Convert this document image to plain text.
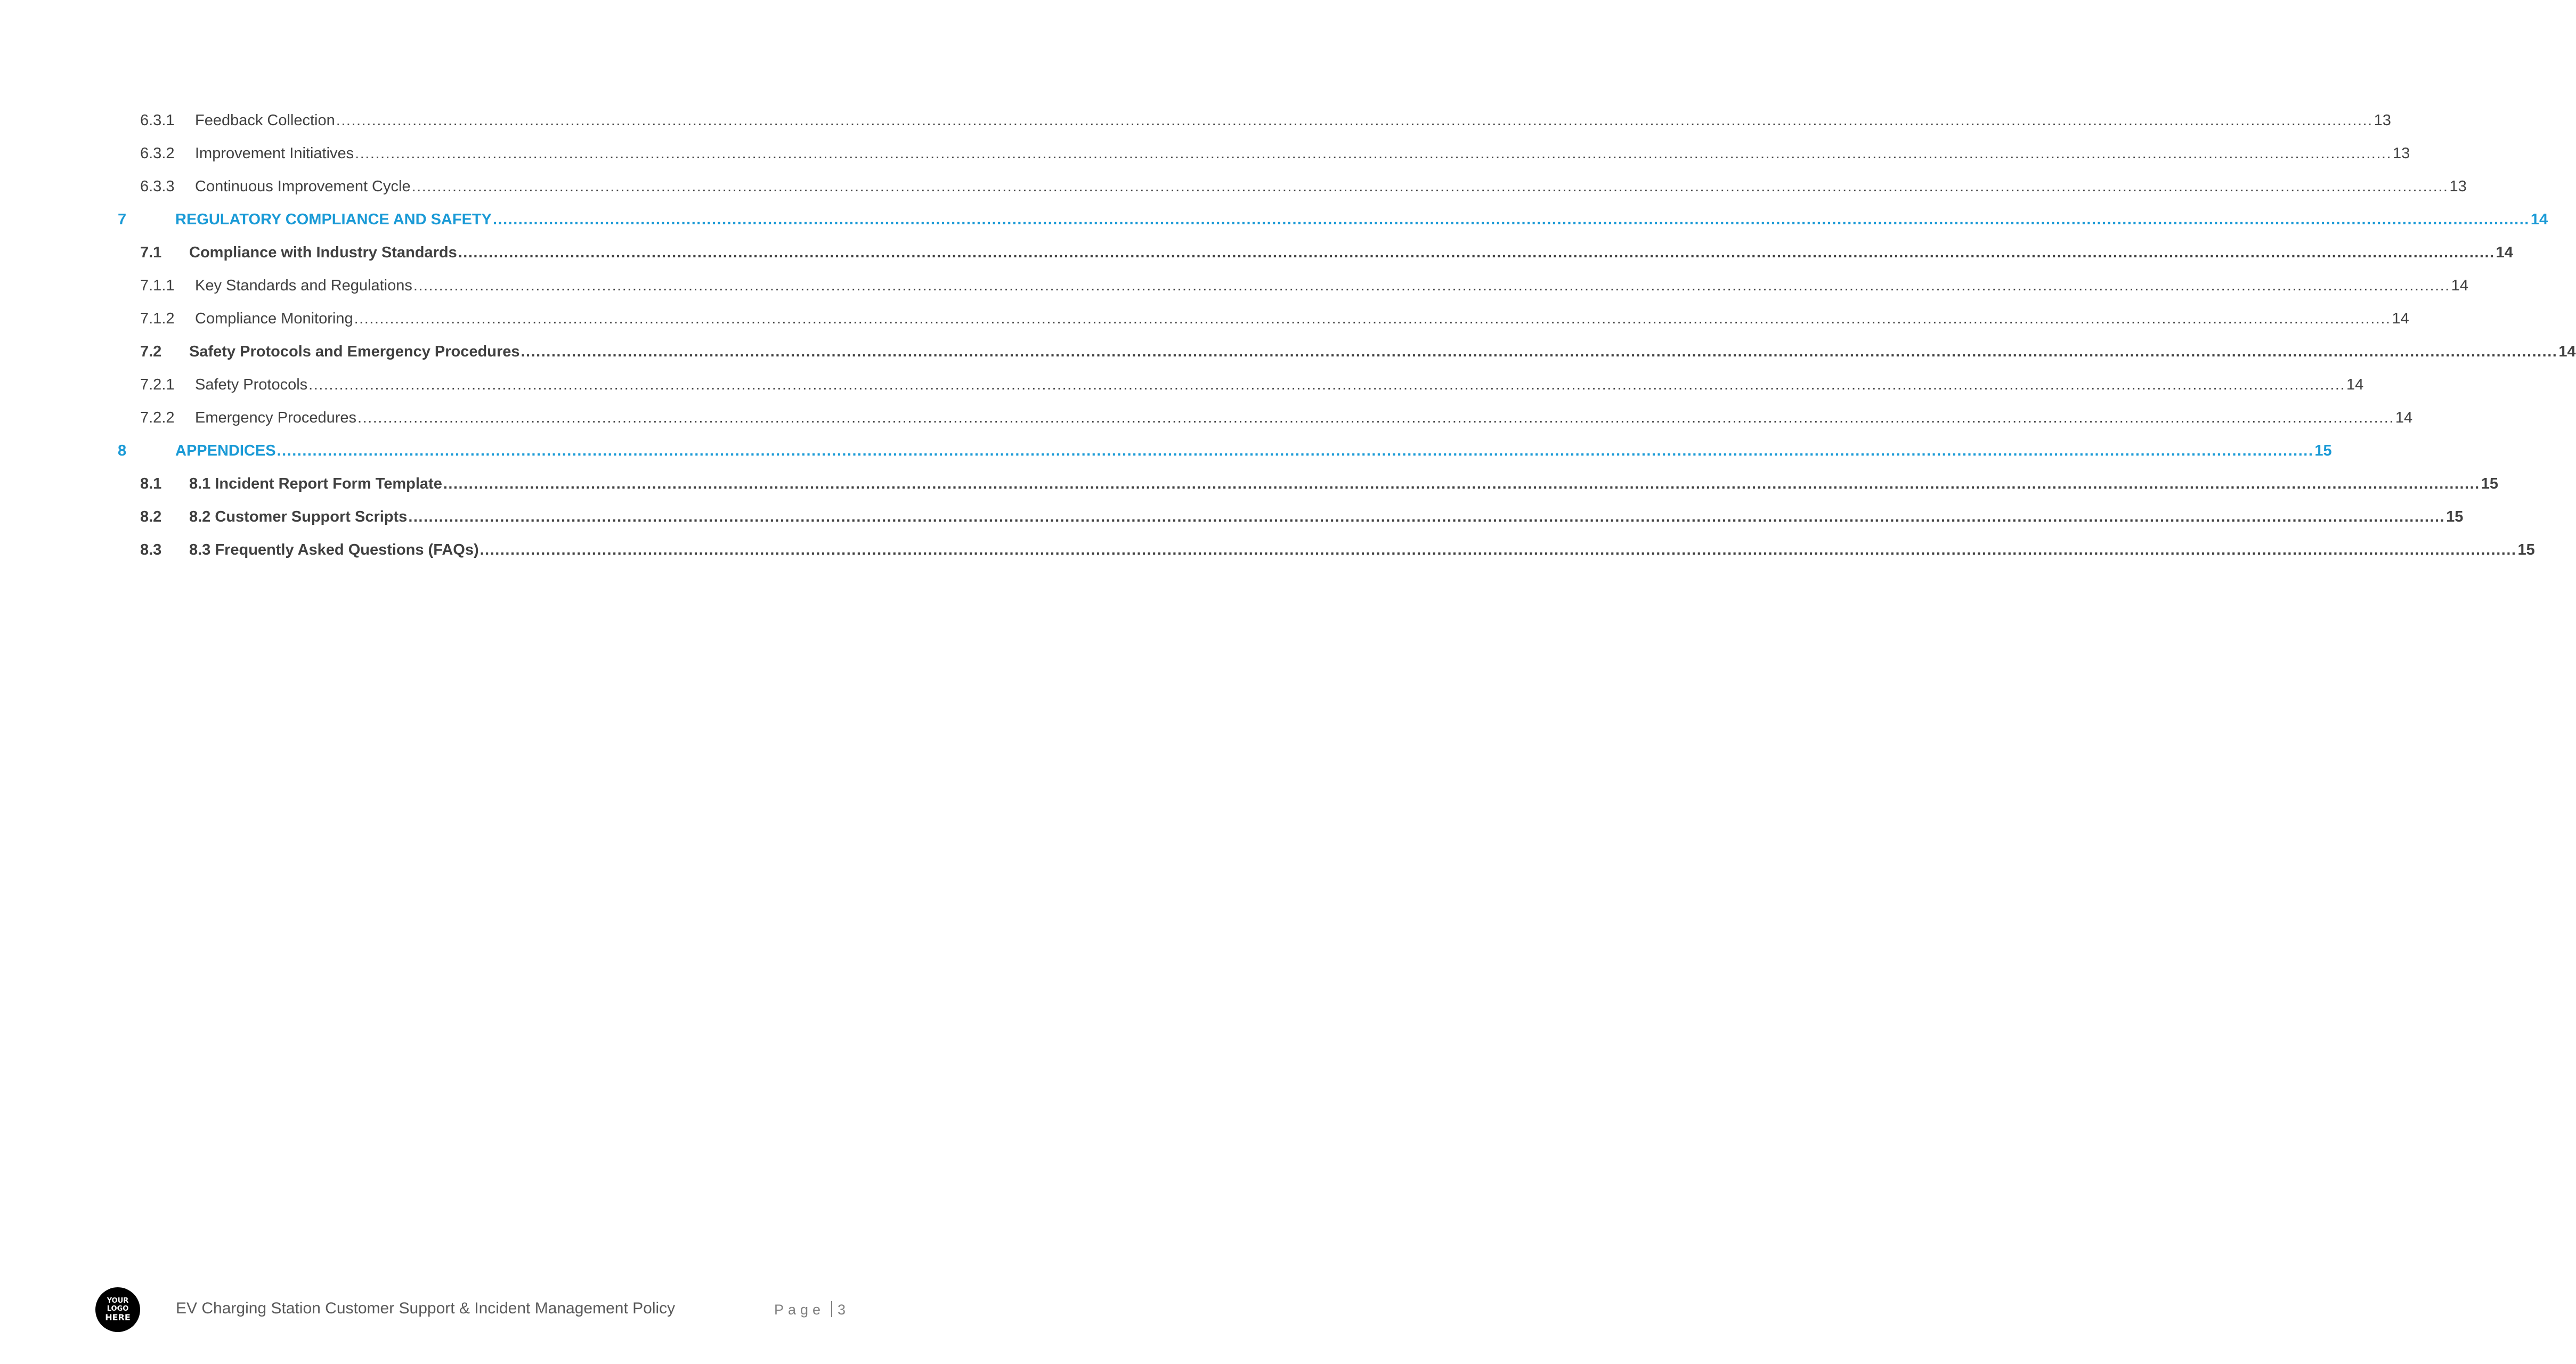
6.3.1 Feedback Collection ................................................................................................................................................................................................................................................................................................................................................................................................................ 13
6.3.2 Improvement Initiatives ................................................................................................................................................................................................................................................................................................................................................................................................................ 13
6.3.3 Continuous Improvement Cycle ................................................................................................................................................................................................................................................................................................................................................................................................................ 13
7	REGULATORY COMPLIANCE AND SAFETY ................................................................................................................................................................................................................................................................................................................................................................................................................ 14
7.1 Compliance with Industry Standards ................................................................................................................................................................................................................................................................................................................................................................................................................ 14
7.1.1 Key Standards and Regulations ................................................................................................................................................................................................................................................................................................................................................................................................................ 14
7.1.2 Compliance Monitoring ................................................................................................................................................................................................................................................................................................................................................................................................................ 14
7.2 Safety Protocols and Emergency Procedures ................................................................................................................................................................................................................................................................................................................................................................................................................ 14
7.2.1 Safety Protocols ................................................................................................................................................................................................................................................................................................................................................................................................................ 14
7.2.2 Emergency Procedures ................................................................................................................................................................................................................................................................................................................................................................................................................ 14
8	APPENDICES ................................................................................................................................................................................................................................................................................................................................................................................................................ 15
8.1 8.1 Incident Report Form Template ................................................................................................................................................................................................................................................................................................................................................................................................................ 15
8.2 8.2 Customer Support Scripts ................................................................................................................................................................................................................................................................................................................................................................................................................ 15
8.3 8.3 Frequently Asked Questions (FAQs) ................................................................................................................................................................................................................................................................................................................................................................................................................ 15
YOUR
LOGO
HERE
EV Charging Station Customer Support & Incident Management Policy	Page 3
